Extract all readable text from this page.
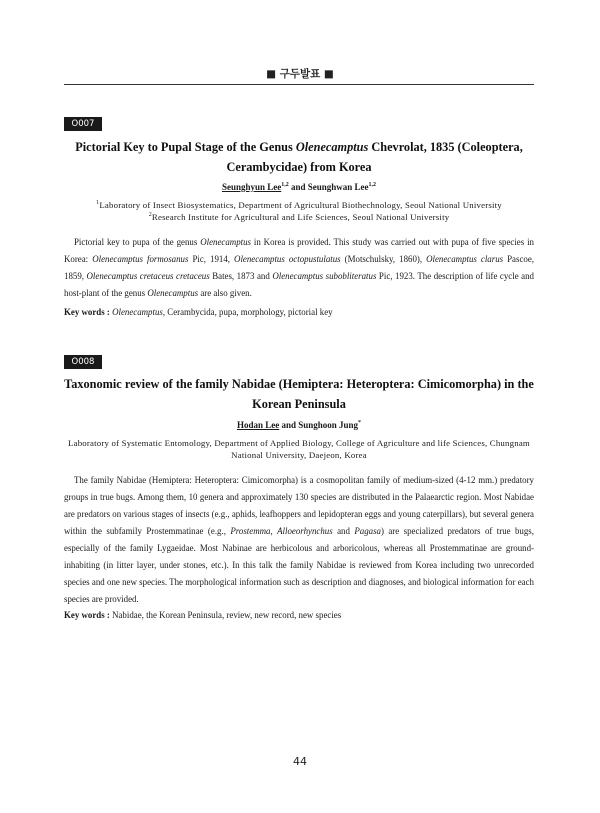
■ 구두발표 ■
O007
Pictorial Key to Pupal Stage of the Genus Olenecamptus Chevrolat, 1835 (Coleoptera, Cerambycidae) from Korea
Seunghyun Lee$^{1,2}$ and Seunghwan Lee$^{1,2}$
$^1$Laboratory of Insect Biosystematics, Department of Agricultural Biothechnology, Seoul National University
$^2$Research Institute for Agricultural and Life Sciences, Seoul National University

Pictorial key to pupa of the genus Olenecamptus in Korea is provided. This study was carried out with pupa of five species in Korea: Olenecamptus formosanus Pic, 1914, Olenecamptus octopustulatus (Motschulsky, 1860), Olenecamptus clarus Pascoe, 1859, Olenecamptus cretaceus cretaceus Bates, 1873 and Olenecamptus subobliteratus Pic, 1923. The description of life cycle and host-plant of the genus Olenecamptus are also given.

Key words : Olenecamptus, Cerambycida, pupa, morphology, pictorial key
O008
Taxonomic review of the family Nabidae (Hemiptera: Heteroptera: Cimicomorpha) in the Korean Peninsula
Hodan Lee and Sunghoon Jung*
Laboratory of Systematic Entomology, Department of Applied Biology, College of Agriculture and life Sciences, Chungnam National University, Daejeon, Korea

The family Nabidae (Hemiptera: Heteroptera: Cimicomorpha) is a cosmopolitan family of medium-sized (4-12 mm.) predatory groups in true bugs. Among them, 10 genera and approximately 130 species are distributed in the Palaearctic region. Most Nabidae are predators on various stages of insects (e.g., aphids, leafhoppers and lepidopteran eggs and young caterpillars), but several genera within the subfamily Prostemmatinae (e.g., Prostemma, Alloeorhynchus and Pagasa) are specialized predators of true bugs, especially of the family Lygaeidae. Most Nabinae are herbicolous and arboricolous, whereas all Prostemmatinae are ground-inhabiting (in litter layer, under stones, etc.). In this talk the family Nabidae is reviewed from Korea including two unrecorded species and one new species. The morphological information such as description and diagnoses, and biological information for each species are provided.

Key words : Nabidae, the Korean Peninsula, review, new record, new species
44
